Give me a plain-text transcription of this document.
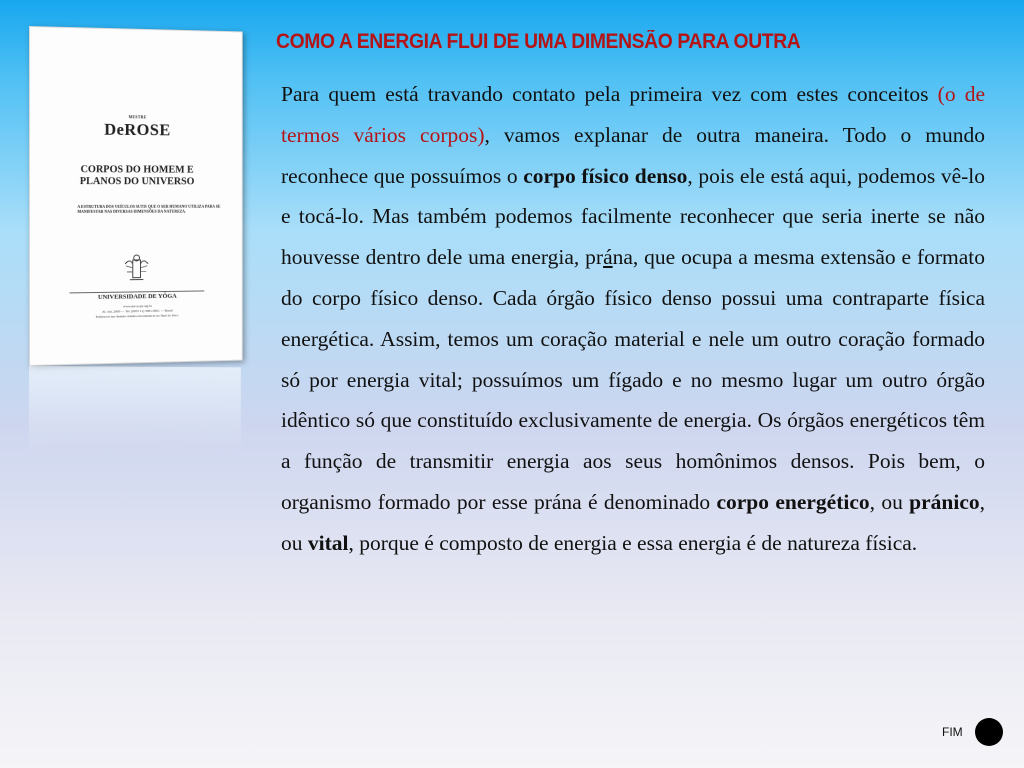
MESTRE
DeROSE
CORPOS DO HOMEM E
PLANOS DO UNIVERSO
A ESTRUTURA DOS VEÍCULOS SUTIS QUE O SER HUMANO UTILIZA PARA SE MANIFESTAR NAS DIVERSAS DIMENSÕES DA NATUREZA.
UNIVERSIDADE DE YÔGA
www.uni-yoga.org.br
Al. Jaú, 2000 — Tel. (0055 11) 3081-9821 — Brasil
Endereços nas demais cidades encontram-se no final do livro.
COMO A ENERGIA FLUI DE UMA DIMENSÃO PARA OUTRA

Para quem está travando contato pela primeira vez com estes conceitos (o de termos vários corpos), vamos explanar de outra maneira. Todo o mundo reconhece que possuímos o corpo físico denso, pois ele está aqui, podemos vê-lo e tocá-lo. Mas também podemos facilmente reconhecer que seria inerte se não houvesse dentro dele uma energia, prána, que ocupa a mesma extensão e formato do corpo físico denso. Cada órgão físico denso possui uma contraparte física energética. Assim, temos um coração material e nele um outro coração formado só por energia vital; possuímos um fígado e no mesmo lugar um outro órgão idêntico só que constituído exclusivamente de energia. Os órgãos energéticos têm a função de transmitir energia aos seus homônimos densos. Pois bem, o organismo formado por esse prána é denominado corpo energético, ou pránico, ou vital, porque é composto de energia e essa energia é de natureza física.

FIM
